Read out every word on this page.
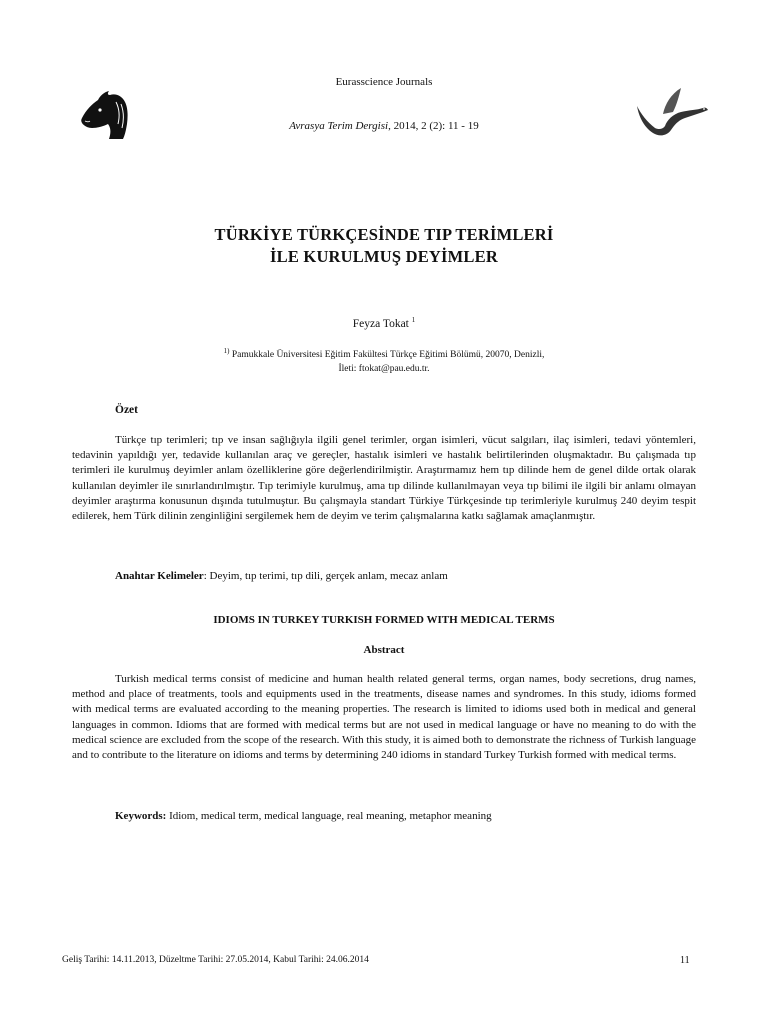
Eurasscience Journals
Avrasya Terim Dergisi, 2014, 2 (2): 11 - 19
TÜRKİYE TÜRKÇESİNDE TIP TERİMLERİ
İLE KURULMUŞ DEYİMLER
Feyza Tokat $^1$
$^{1)}$ Pamukkale Üniversitesi Eğitim Fakültesi Türkçe Eğitimi Bölümü, 20070, Denizli,
İleti: ftokat@pau.edu.tr.
Özet
Türkçe tıp terimleri; tıp ve insan sağlığıyla ilgili genel terimler, organ isimleri, vücut salgıları, ilaç isimleri, tedavi yöntemleri, tedavinin yapıldığı yer, tedavide kullanılan araç ve gereçler, hastalık isimleri ve hastalık belirtilerinden oluşmaktadır. Bu çalışmada tıp terimleri ile kurulmuş deyimler anlam özelliklerine göre değerlendirilmiştir. Araştırmamız hem tıp dilinde hem de genel dilde ortak olarak kullanılan deyimler ile sınırlandırılmıştır. Tıp terimiyle kurulmuş, ama tıp dilinde kullanılmayan veya tıp bilimi ile ilgili bir anlamı olmayan deyimler araştırma konusunun dışında tutulmuştur. Bu çalışmayla standart Türkiye Türkçesinde tıp terimleriyle kurulmuş 240 deyim tespit edilerek, hem Türk dilinin zenginliğini sergilemek hem de deyim ve terim çalışmalarına katkı sağlamak amaçlanmıştır.
Anahtar Kelimeler: Deyim, tıp terimi, tıp dili, gerçek anlam, mecaz anlam
IDIOMS IN TURKEY TURKISH FORMED WITH MEDICAL TERMS
Abstract
Turkish medical terms consist of medicine and human health related general terms, organ names, body secretions, drug names, method and place of treatments, tools and equipments used in the treatments, disease names and syndromes. In this study, idioms formed with medical terms are evaluated according to the meaning properties. The research is limited to idioms used both in medical and general languages in common. Idioms that are formed with medical terms but are not used in medical language or have no meaning to do with the medical science are excluded from the scope of the research. With this study, it is aimed both to demonstrate the richness of Turkish language and to contribute to the literature on idioms and terms by determining 240 idioms in standard Turkey Turkish formed with medical terms.
Keywords: Idiom, medical term, medical language, real meaning, metaphor meaning
Geliş Tarihi: 14.11.2013, Düzeltme Tarihi: 27.05.2014, Kabul Tarihi: 24.06.2014	11
